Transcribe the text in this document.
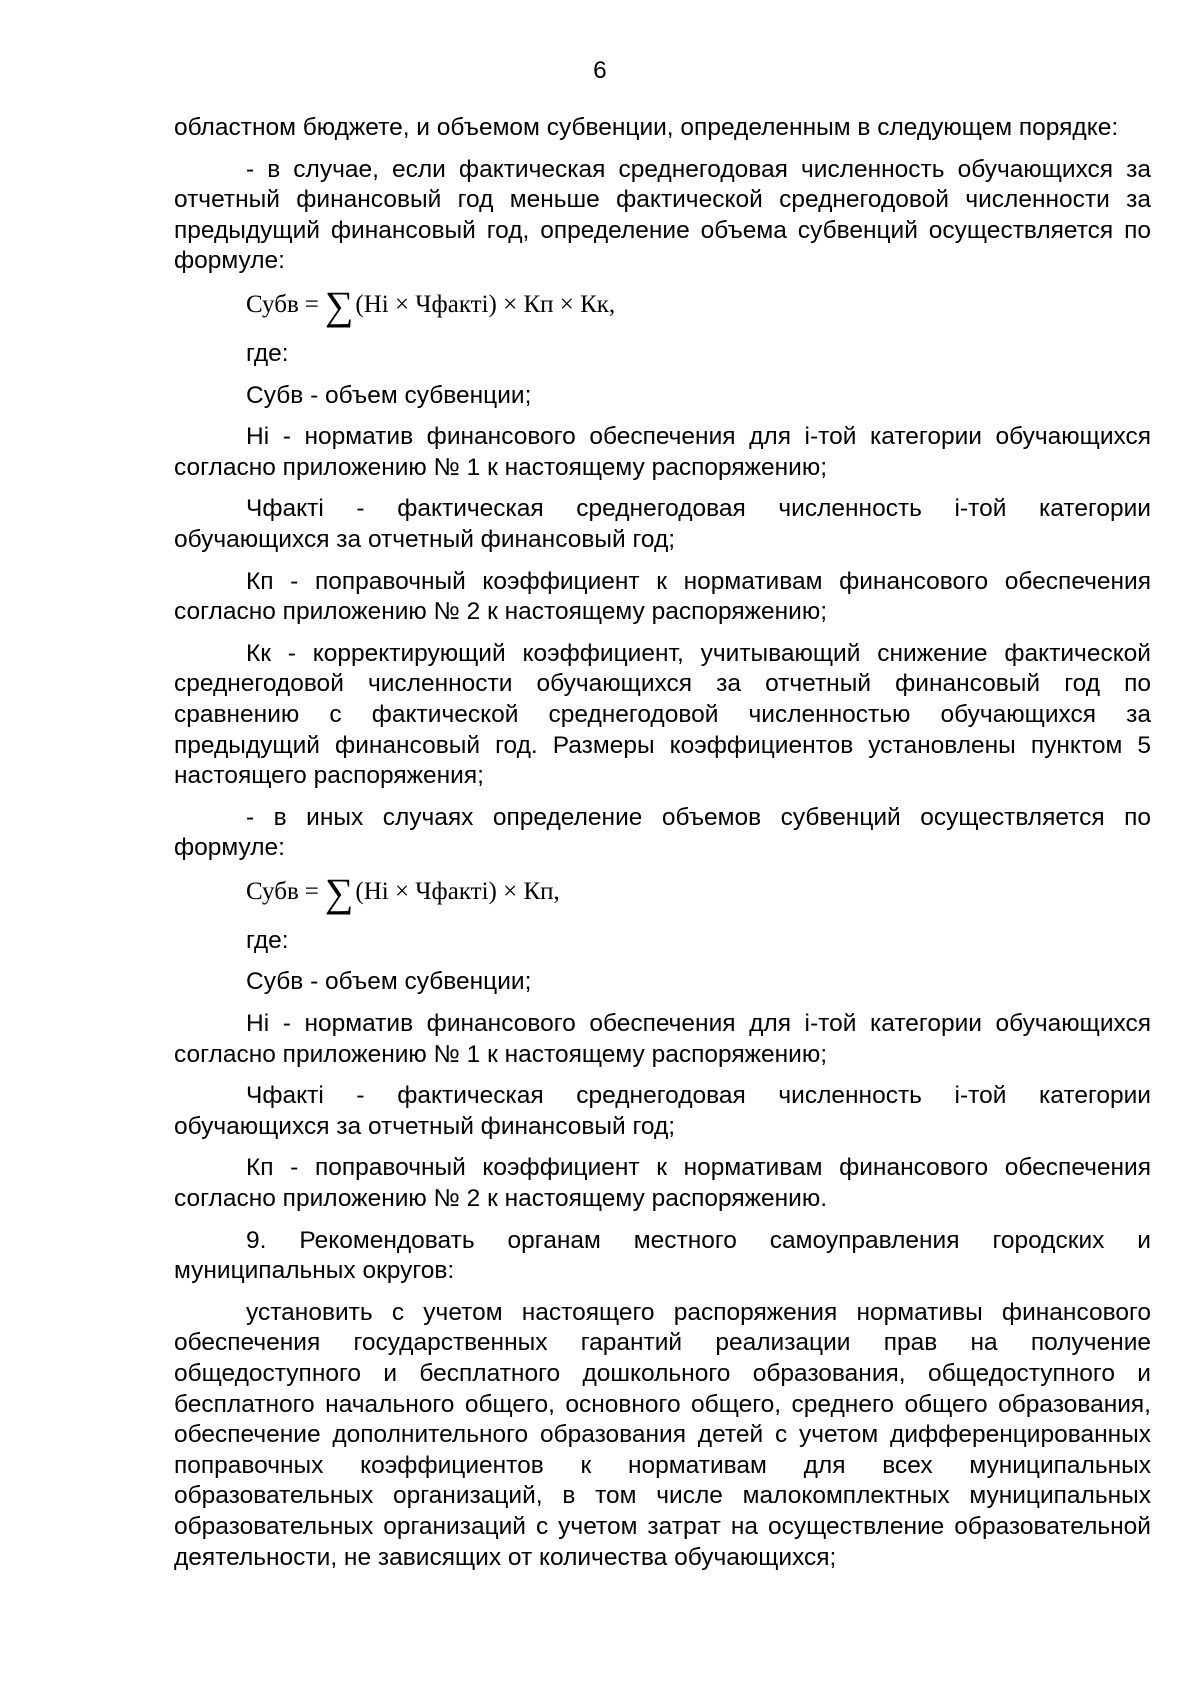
6

областном бюджете, и объемом субвенции, определенным в следующем порядке:

- в случае, если фактическая среднегодовая численность обучающихся за отчетный финансовый год меньше фактической среднегодовой численности за предыдущий финансовый год, определение объема субвенций осуществляется по формуле:

Субв = ∑ (Нi × Чфактi) × Кп × Кк,

где:

Субв - объем субвенции;

Нi - норматив финансового обеспечения для i-той категории обучающихся согласно приложению № 1 к настоящему распоряжению;

Чфактi - фактическая среднегодовая численность i-той категории обучающихся за отчетный финансовый год;

Кп - поправочный коэффициент к нормативам финансового обеспечения согласно приложению № 2 к настоящему распоряжению;

Кк - корректирующий коэффициент, учитывающий снижение фактической среднегодовой численности обучающихся за отчетный финансовый год по сравнению с фактической среднегодовой численностью обучающихся за предыдущий финансовый год. Размеры коэффициентов установлены пунктом 5 настоящего распоряжения;

- в иных случаях определение объемов субвенций осуществляется по формуле:

Субв = ∑ (Нi × Чфактi) × Кп,

где:

Субв - объем субвенции;

Нi - норматив финансового обеспечения для i-той категории обучающихся согласно приложению № 1 к настоящему распоряжению;

Чфактi - фактическая среднегодовая численность i-той категории обучающихся за отчетный финансовый год;

Кп - поправочный коэффициент к нормативам финансового обеспечения согласно приложению № 2 к настоящему распоряжению.

9. Рекомендовать органам местного самоуправления городских и муниципальных округов:

установить с учетом настоящего распоряжения нормативы финансового обеспечения государственных гарантий реализации прав на получение общедоступного и бесплатного дошкольного образования, общедоступного и бесплатного начального общего, основного общего, среднего общего образования, обеспечение дополнительного образования детей с учетом дифференцированных поправочных коэффициентов к нормативам для всех муниципальных образовательных организаций, в том числе малокомплектных муниципальных образовательных организаций с учетом затрат на осуществление образовательной деятельности, не зависящих от количества обучающихся;
